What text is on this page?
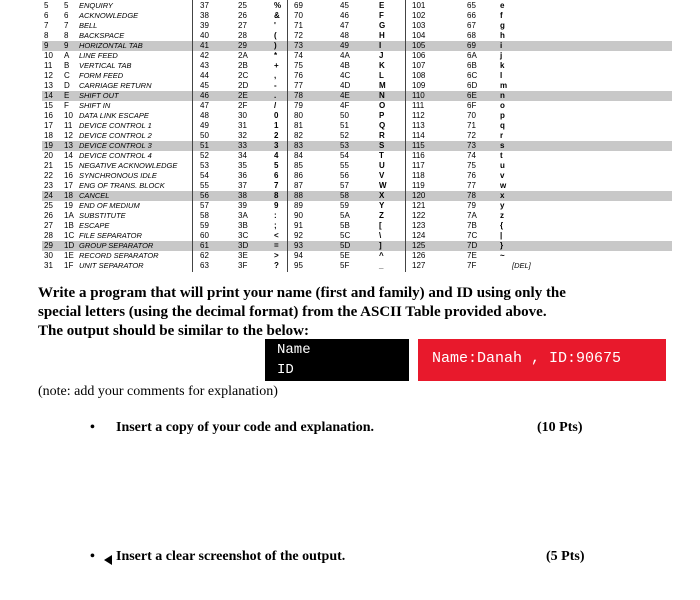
5 5 ENQUIRY	37	25	% 69	45	E	101	65	e
6 6 ACKNOWLEDGE	38	26	& 70	46	F	102	66	f
7 7 BELL	39	27	' 71	47	G	103	67	g
8 8 BACKSPACE	40	28	( 72	48	H	104	68	h
9 9 HORIZONTAL TAB	41	29	) 73	49	I	105	69	i
10 A LINE FEED	42	2A	* 74	4A	J	106	6A	j
11 B VERTICAL TAB	43	2B	+ 75	4B	K	107	6B	k
12 C FORM FEED	44	2C	, 76	4C	L	108	6C	l
13 D CARRIAGE RETURN	45	2D	- 77	4D	M	109	6D	m
14 E SHIFT OUT	46	2E	. 78	4E	N	110	6E	n
15 F SHIFT IN	47	2F	/ 79	4F	O	111	6F	o
16 10 DATA LINK ESCAPE	48	30	0 80	50	P	112	70	p
17 11 DEVICE CONTROL 1	49	31	1 81	51	Q	113	71	q
18 12 DEVICE CONTROL 2	50	32	2 82	52	R	114	72	r
19 13 DEVICE CONTROL 3	51	33	3 83	53	S	115	73	s
20 14 DEVICE CONTROL 4	52	34	4 84	54	T	116	74	t
21 15 NEGATIVE ACKNOWLEDGE	53	35	5 85	55	U	117	75	u
22 16 SYNCHRONOUS IDLE	54	36	6 86	56	V	118	76	v
23 17 ENG OF TRANS. BLOCK	55	37	7 87	57	W	119	77	w
24 18 CANCEL	56	38	8 88	58	X	120	78	x
25 19 END OF MEDIUM	57	39	9 89	59	Y	121	79	y
26 1A SUBSTITUTE	58	3A	: 90	5A	Z	122	7A	z
27 1B ESCAPE	59	3B	; 91	5B	[	123	7B	{
28 1C FILE SEPARATOR	60	3C	< 92	5C	\	124	7C	|
29 1D GROUP SEPARATOR	61	3D	= 93	5D	]	125	7D	}
30 1E RECORD SEPARATOR	62	3E	> 94	5E	^	126	7E	~
31 1F UNIT SEPARATOR	63	3F	? 95	5F	_	127	7F	[DEL]
Write a program that will print your name (first and family) and ID using only the
special letters (using the decimal format) from the ASCII Table provided above.
The output should be similar to the below:
Name
ID
Name:Danah , ID:90675
(note: add your comments for explanation)
• Insert a copy of your code and explanation.	(10 Pts)
• Insert a clear screenshot of the output.	(5 Pts)
